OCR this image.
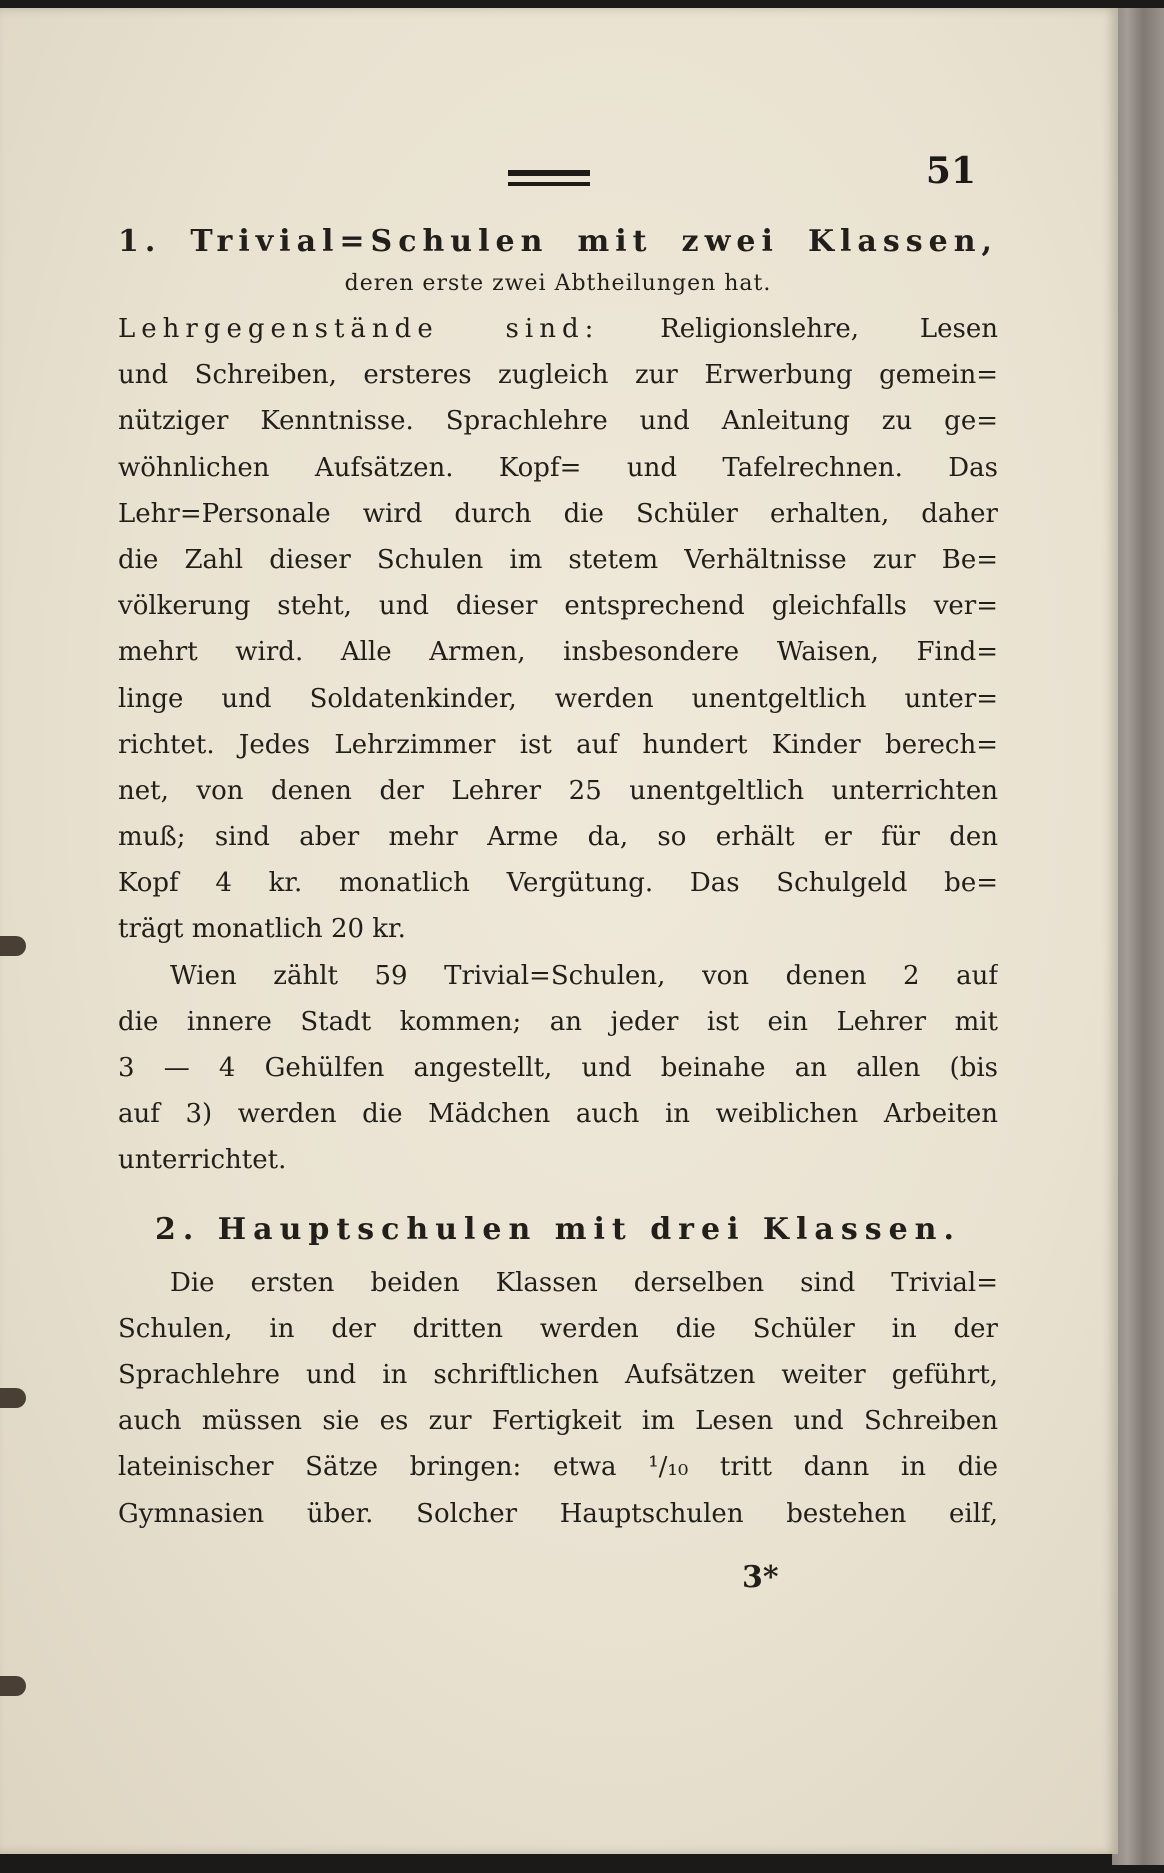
51
1. Trivial=Schulen mit zwei Klassen,
deren erste zwei Abtheilungen hat.
Lehrgegenstände sind: Religionslehre, Lesen
und Schreiben, ersteres zugleich zur Erwerbung gemein=
nütziger Kenntnisse. Sprachlehre und Anleitung zu ge=
wöhnlichen Aufsätzen. Kopf= und Tafelrechnen. Das
Lehr=Personale wird durch die Schüler erhalten, daher
die Zahl dieser Schulen im stetem Verhältnisse zur Be=
völkerung steht, und dieser entsprechend gleichfalls ver=
mehrt wird. Alle Armen, insbesondere Waisen, Find=
linge und Soldatenkinder, werden unentgeltlich unter=
richtet. Jedes Lehrzimmer ist auf hundert Kinder berech=
net, von denen der Lehrer 25 unentgeltlich unterrichten
muß; sind aber mehr Arme da, so erhält er für den
Kopf 4 kr. monatlich Vergütung. Das Schulgeld be=
trägt monatlich 20 kr.
Wien zählt 59 Trivial=Schulen, von denen 2 auf
die innere Stadt kommen; an jeder ist ein Lehrer mit
3 — 4 Gehülfen angestellt, und beinahe an allen (bis
auf 3) werden die Mädchen auch in weiblichen Arbeiten
unterrichtet.
2. Hauptschulen mit drei Klassen.
Die ersten beiden Klassen derselben sind Trivial=
Schulen, in der dritten werden die Schüler in der
Sprachlehre und in schriftlichen Aufsätzen weiter geführt,
auch müssen sie es zur Fertigkeit im Lesen und Schreiben
lateinischer Sätze bringen: etwa ¹/₁₀ tritt dann in die
Gymnasien über. Solcher Hauptschulen bestehen eilf,
3*
